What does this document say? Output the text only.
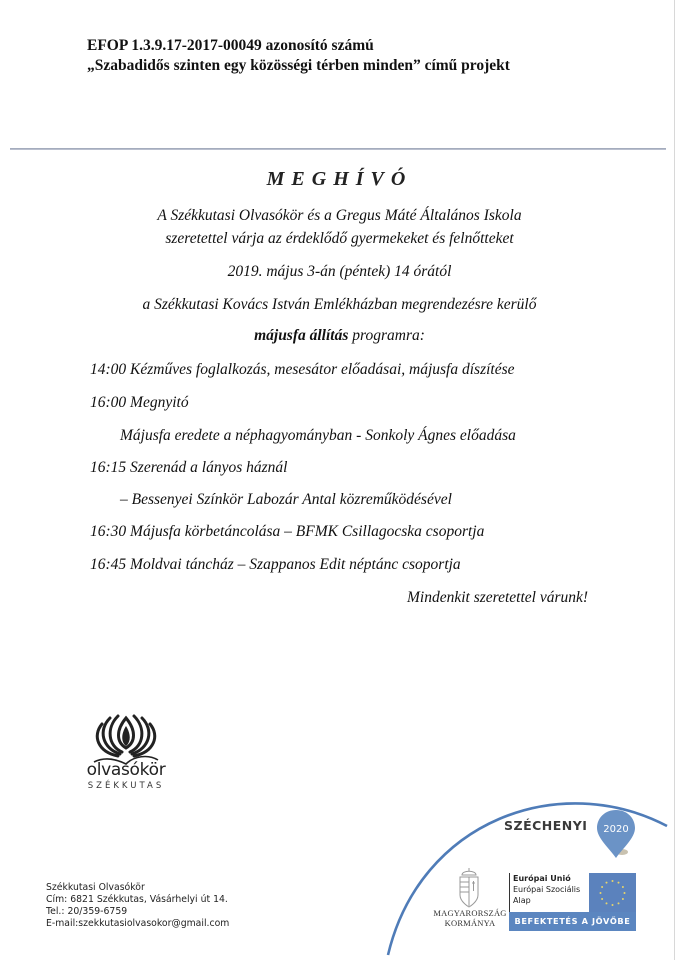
EFOP 1.3.9.17-2017-00049 azonosító számú
„Szabadidős szinten egy közösségi térben minden” című projekt
MEGHÍVÓ
A Székkutasi Olvasókör és a Gregus Máté Általános Iskola
szeretettel várja az érdeklődő gyermekeket és felnőtteket
2019. május 3-án (péntek) 14 órától
a Székkutasi Kovács István Emlékházban megrendezésre kerülő
májusfa állítás programra:
14:00 Kézműves foglalkozás, mesesátor előadásai, májusfa díszítése
16:00 Megnyitó
Májusfa eredete a néphagyományban - Sonkoly Ágnes előadása
16:15 Szerenád a lányos háznál
– Bessenyei Színkör Labozár Antal közreműködésével
16:30 Májusfa körbetáncolása – BFMK Csillagocska csoportja
16:45 Moldvai táncház – Szappanos Edit néptánc csoportja
Mindenkit szeretettel várunk!
olvasókör
SZÉKKUTAS
Székkutasi Olvasókör
Cím: 6821 Székkutas, Vásárhelyi út 14.
Tel.: 20/359-6759
E-mail:szekkutasiolvasokor@gmail.com
SZÉCHENYI 2020
MAGYARORSZÁG
KORMÁNYA
Európai Unió
Európai Szociális
Alap
BEFEKTETÉS A JÖVŐBE
